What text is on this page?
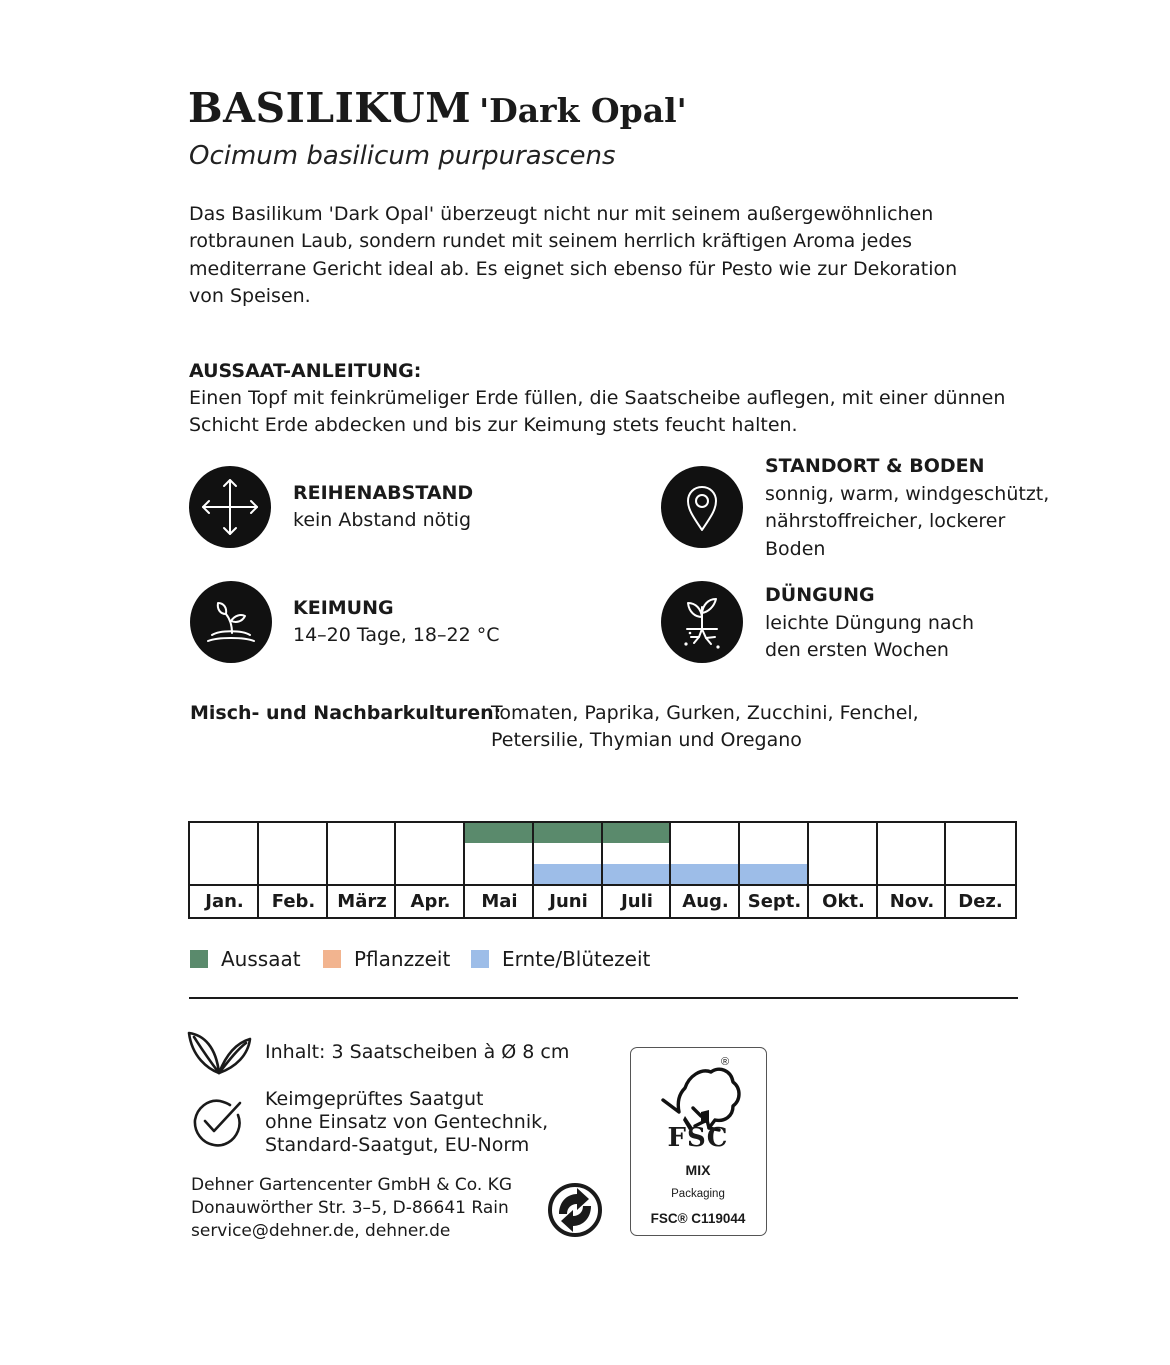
BASILIKUM 'Dark Opal'
Ocimum basilicum purpurascens
Das Basilikum 'Dark Opal' überzeugt nicht nur mit seinem außergewöhnlichen rotbraunen Laub, sondern rundet mit seinem herrlich kräftigen Aroma jedes mediterrane Gericht ideal ab. Es eignet sich ebenso für Pesto wie zur Dekoration von Speisen.
AUSSAAT-ANLEITUNG:
Einen Topf mit feinkrümeliger Erde füllen, die Saatscheibe auflegen, mit einer dünnen Schicht Erde abdecken und bis zur Keimung stets feucht halten.
REIHENABSTAND
kein Abstand nötig
STANDORT & BODEN
sonnig, warm, windgeschützt, nährstoffreicher, lockerer Boden
KEIMUNG
14–20 Tage, 18–22 °C
DÜNGUNG
leichte Düngung nach den ersten Wochen
Misch- und Nachbarkulturen:
Tomaten, Paprika, Gurken, Zucchini, Fenchel, Petersilie, Thymian und Oregano
Jan.	Feb.	März	Apr.	Mai	Juni	Juli	Aug.	Sept.	Okt.	Nov.	Dez.
Aussaat	Pflanzzeit	Ernte/Blütezeit
Inhalt: 3 Saatscheiben à Ø 8 cm
Keimgeprüftes Saatgut
ohne Einsatz von Gentechnik,
Standard-Saatgut, EU-Norm
Dehner Gartencenter GmbH & Co. KG
Donauwörther Str. 3–5, D-86641 Rain
service@dehner.de, dehner.de
®
FSC
MIX
Packaging
FSC® C119044
